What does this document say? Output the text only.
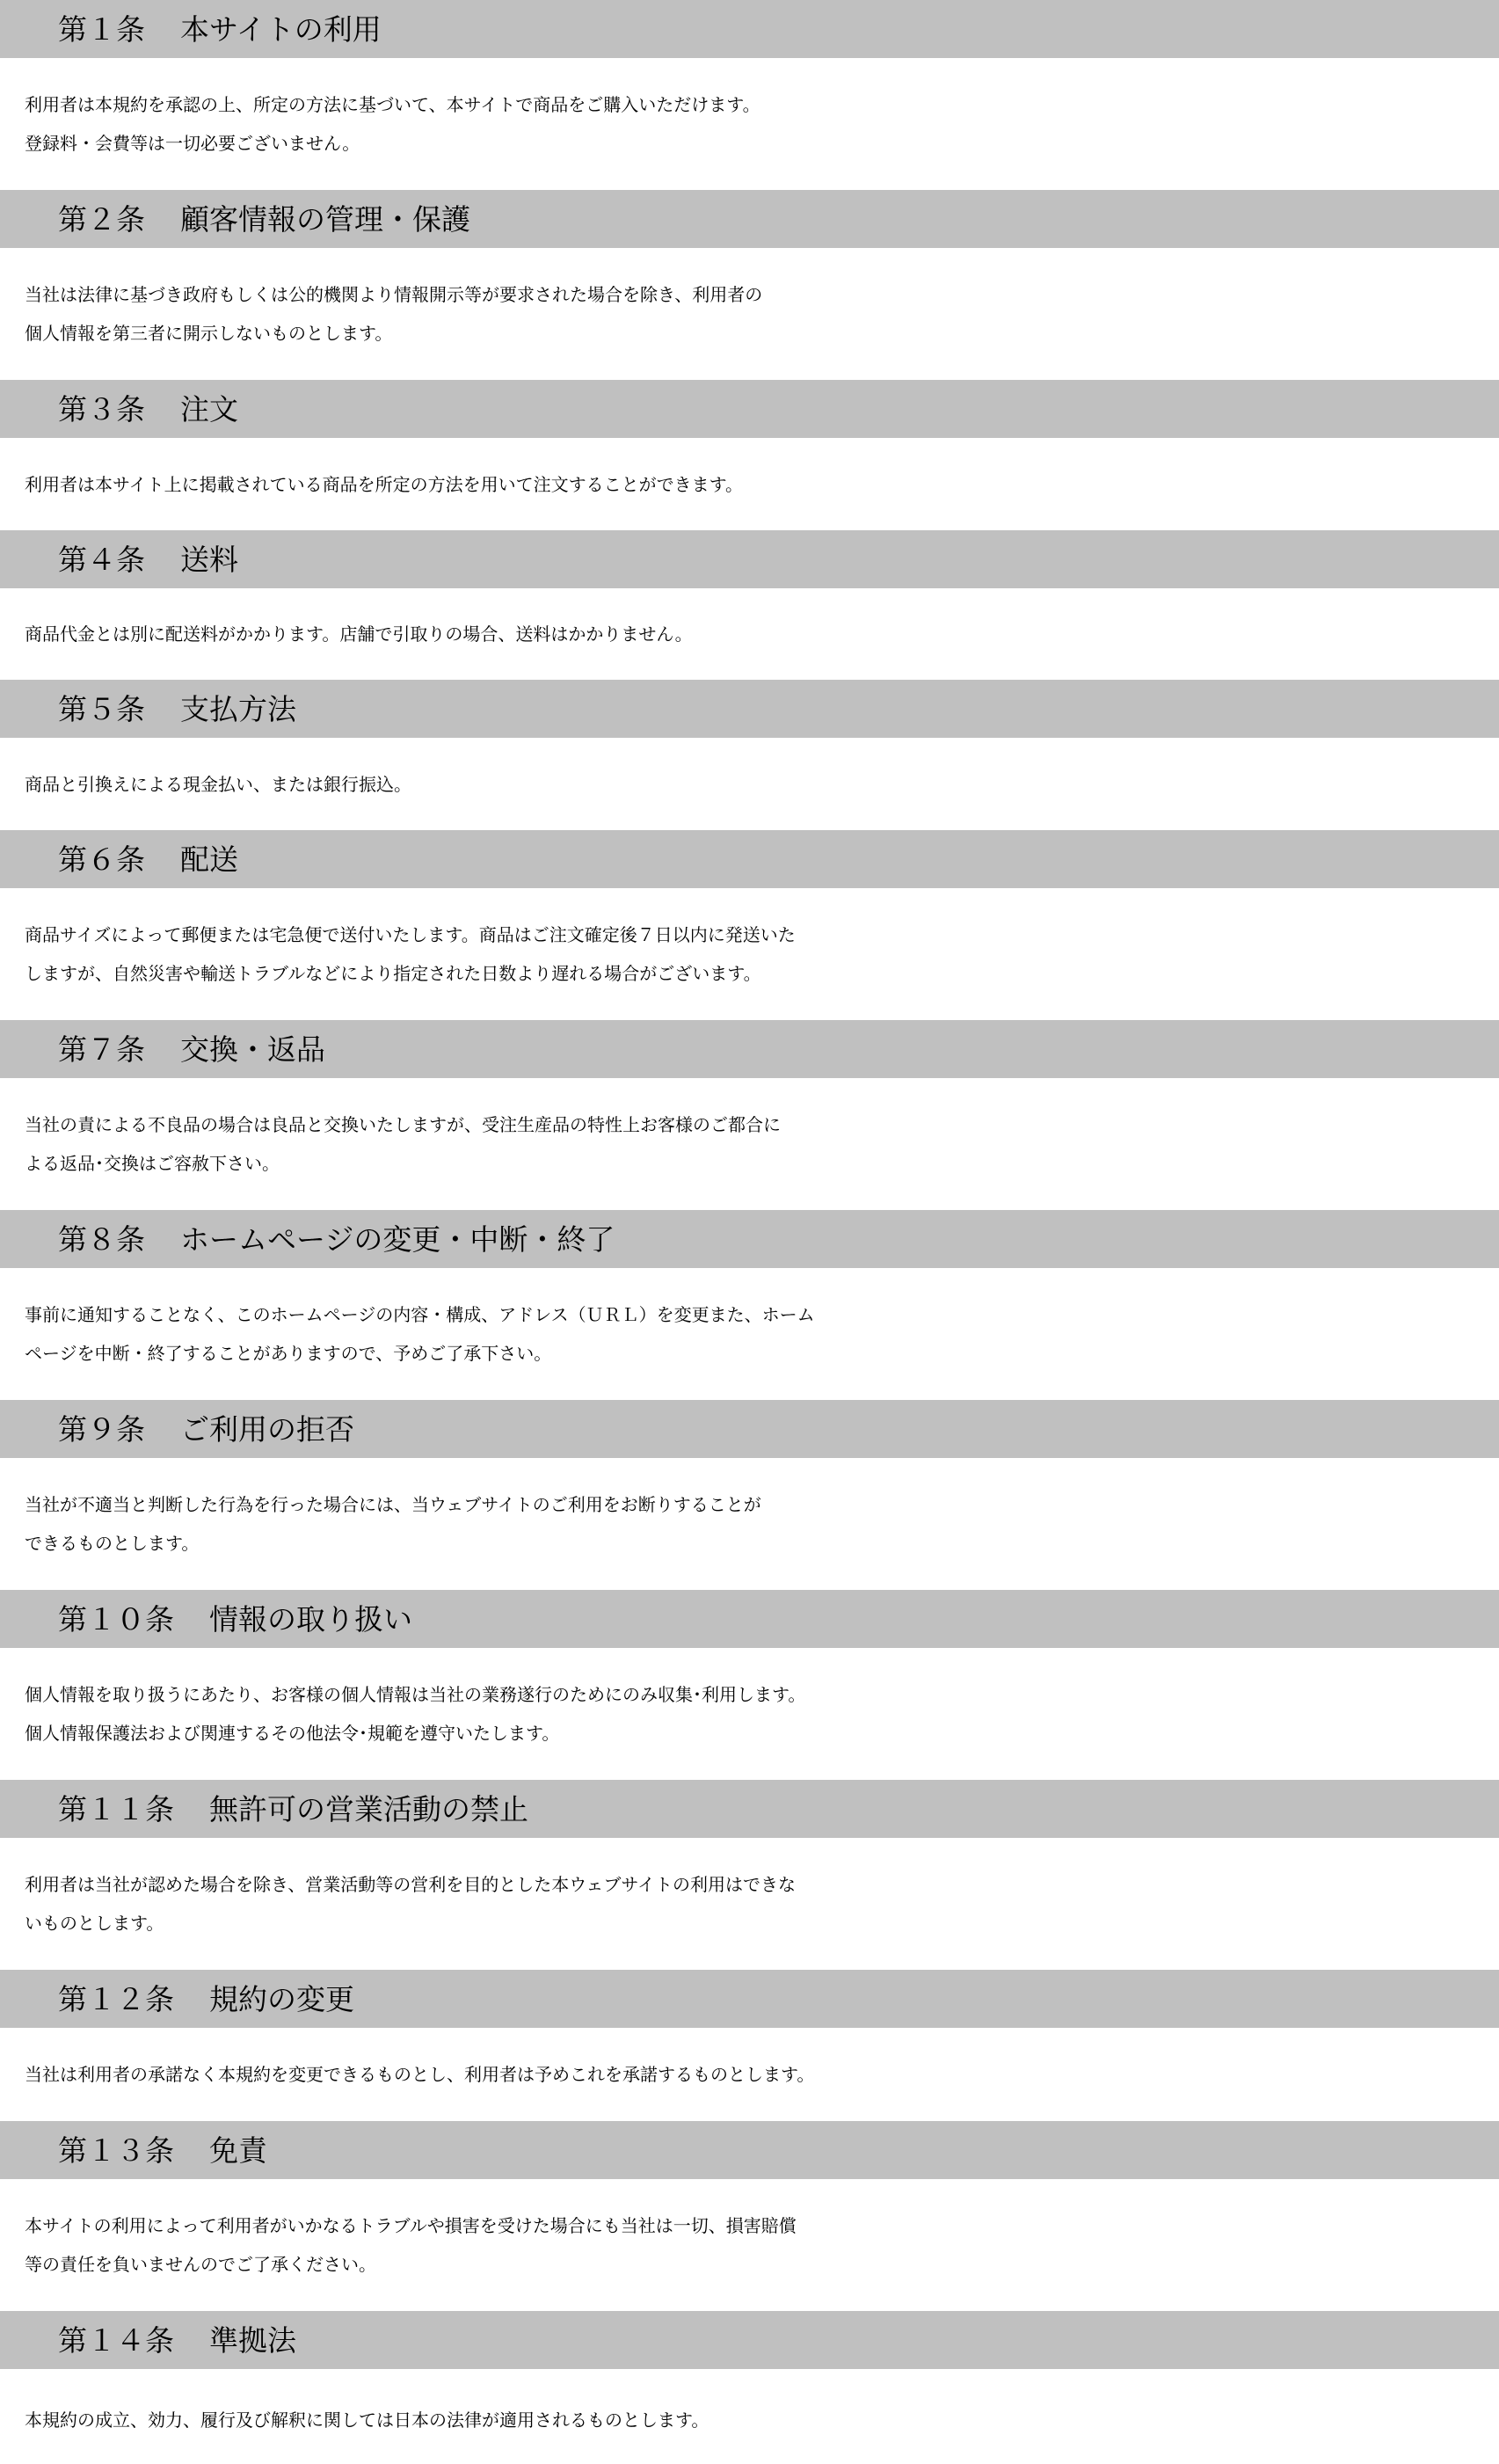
第１条 本サイトの利用
利用者は本規約を承認の上、所定の方法に基づいて、本サイトで商品をご購入いただけます。
登録料・会費等は一切必要ございません。
第２条 顧客情報の管理・保護
当社は法律に基づき政府もしくは公的機関より情報開示等が要求された場合を除き、利用者の
個人情報を第三者に開示しないものとします。
第３条 注文
利用者は本サイト上に掲載されている商品を所定の方法を用いて注文することができます。
第４条 送料
商品代金とは別に配送料がかかります。店舗で引取りの場合、送料はかかりません。
第５条 支払方法
商品と引換えによる現金払い、または銀行振込。
第６条 配送
商品サイズによって郵便または宅急便で送付いたします。商品はご注文確定後７日以内に発送いた
しますが、自然災害や輸送トラブルなどにより指定された日数より遅れる場合がございます。
第７条 交換・返品
当社の責による不良品の場合は良品と交換いたしますが、受注生産品の特性上お客様のご都合に
よる返品･交換はご容赦下さい。
第８条 ホームページの変更・中断・終了
事前に通知することなく、このホームページの内容・構成、アドレス（ＵＲＬ）を変更また、ホーム
ページを中断・終了することがありますので、予めご了承下さい。
第９条 ご利用の拒否
当社が不適当と判断した行為を行った場合には、当ウェブサイトのご利用をお断りすることが
できるものとします。
第１０条 情報の取り扱い
個人情報を取り扱うにあたり、お客様の個人情報は当社の業務遂行のためにのみ収集･利用します。
個人情報保護法および関連するその他法令･規範を遵守いたします。
第１１条 無許可の営業活動の禁止
利用者は当社が認めた場合を除き、営業活動等の営利を目的とした本ウェブサイトの利用はできな
いものとします。
第１２条 規約の変更
当社は利用者の承諾なく本規約を変更できるものとし、利用者は予めこれを承諾するものとします。
第１３条 免責
本サイトの利用によって利用者がいかなるトラブルや損害を受けた場合にも当社は一切、損害賠償
等の責任を負いませんのでご了承ください。
第１４条 準拠法
本規約の成立、効力、履行及び解釈に関しては日本の法律が適用されるものとします。
